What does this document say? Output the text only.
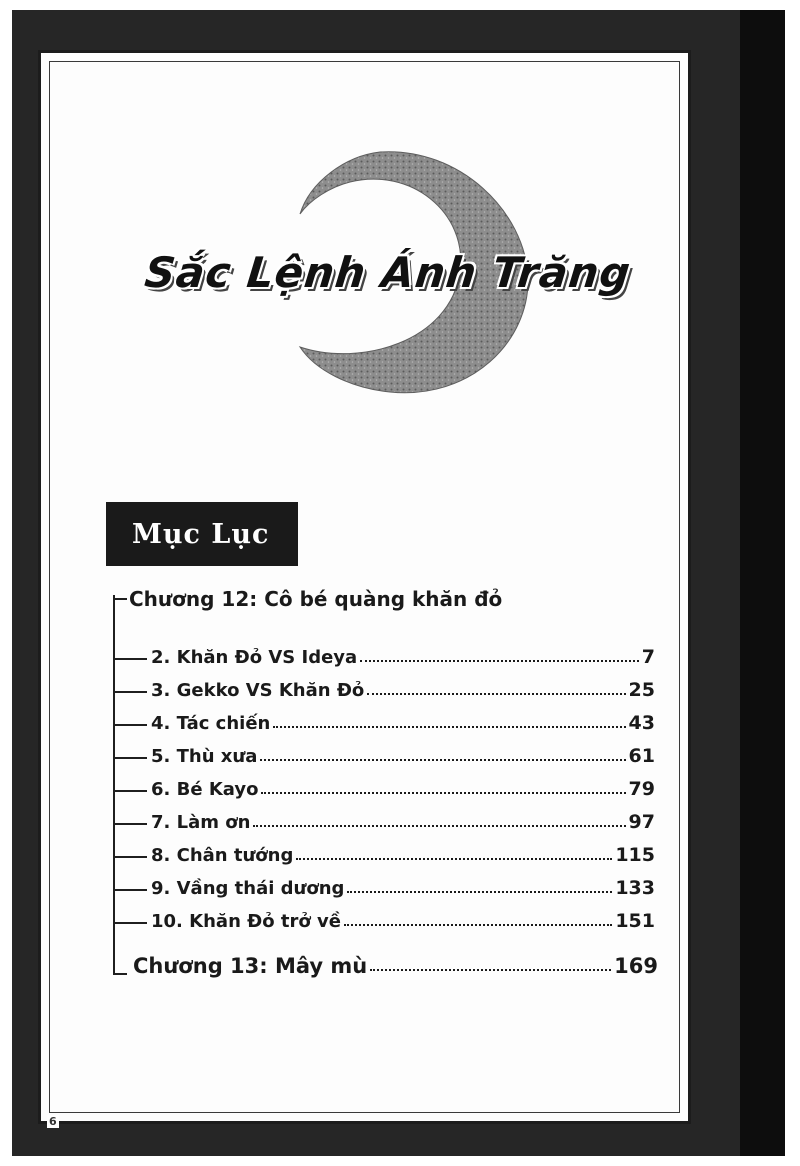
Sắc Lệnh Ánh Trăng
Mục Lục
Chương 12: Cô bé quàng khăn đỏ
2. Khăn Đỏ VS Ideya	7
3. Gekko VS Khăn Đỏ	25
4. Tác chiến	43
5. Thù xưa	61
6. Bé Kayo	79
7. Làm ơn	97
8. Chân tướng	115
9. Vầng thái dương	133
10. Khăn Đỏ trở về	151
Chương 13: Mây mù	169
6
